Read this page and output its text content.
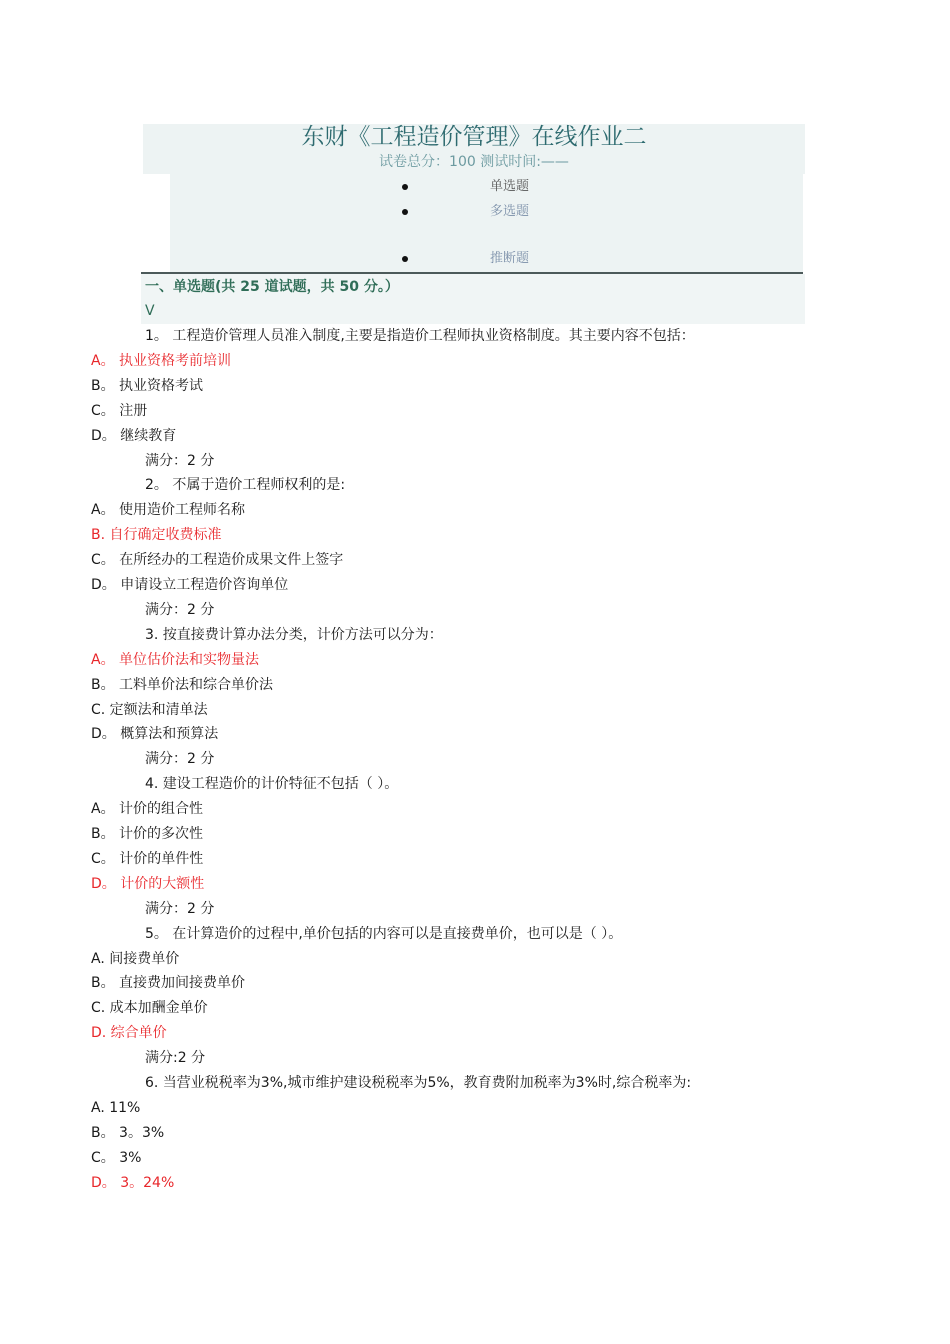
东财《工程造价管理》在线作业二
试卷总分：100 测试时间:——
单选题
多选题
推断题
一、单选题(共 25 道试题，共 50 分。）
V
1。 工程造价管理人员准入制度,主要是指造价工程师执业资格制度。其主要内容不包括：
A。 执业资格考前培训
B。 执业资格考试
C。 注册
D。 继续教育
满分：2 分
2。 不属于造价工程师权利的是:
A。 使用造价工程师名称
B. 自行确定收费标准
C。 在所经办的工程造价成果文件上签字
D。 申请设立工程造价咨询单位
满分：2 分
3. 按直接费计算办法分类，计价方法可以分为：
A。 单位估价法和实物量法
B。 工料单价法和综合单价法
C. 定额法和清单法
D。 概算法和预算法
满分：2 分
4. 建设工程造价的计价特征不包括（ ）。
A。 计价的组合性
B。 计价的多次性
C。 计价的单件性
D。 计价的大额性
满分：2 分
5。 在计算造价的过程中,单价包括的内容可以是直接费单价，也可以是（ ）。
A. 间接费单价
B。 直接费加间接费单价
C. 成本加酬金单价
D. 综合单价
满分:2 分
6. 当营业税税率为3%,城市维护建设税税率为5%，教育费附加税率为3%时,综合税率为:
A. 11%
B。 3。3%
C。 3%
D。 3。24%
